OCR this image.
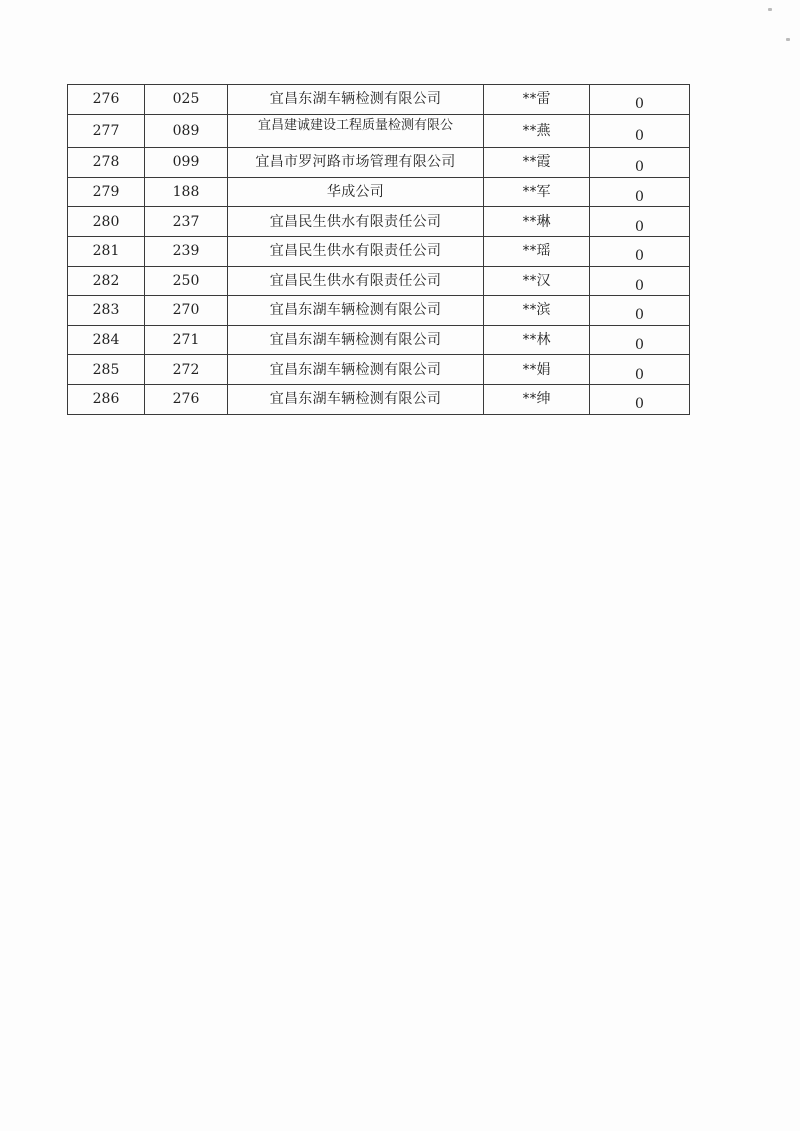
276	025	宜昌东湖车辆检测有限公司	**雷	0
277	089	宜昌建诚建设工程质量检测有限公	**燕	0
278	099	宜昌市罗河路市场管理有限公司	**霞	0
279	188	华成公司	**军	0
280	237	宜昌民生供水有限责任公司	**琳	0
281	239	宜昌民生供水有限责任公司	**瑶	0
282	250	宜昌民生供水有限责任公司	**汉	0
283	270	宜昌东湖车辆检测有限公司	**滨	0
284	271	宜昌东湖车辆检测有限公司	**林	0
285	272	宜昌东湖车辆检测有限公司	**娟	0
286	276	宜昌东湖车辆检测有限公司	**绅	0
